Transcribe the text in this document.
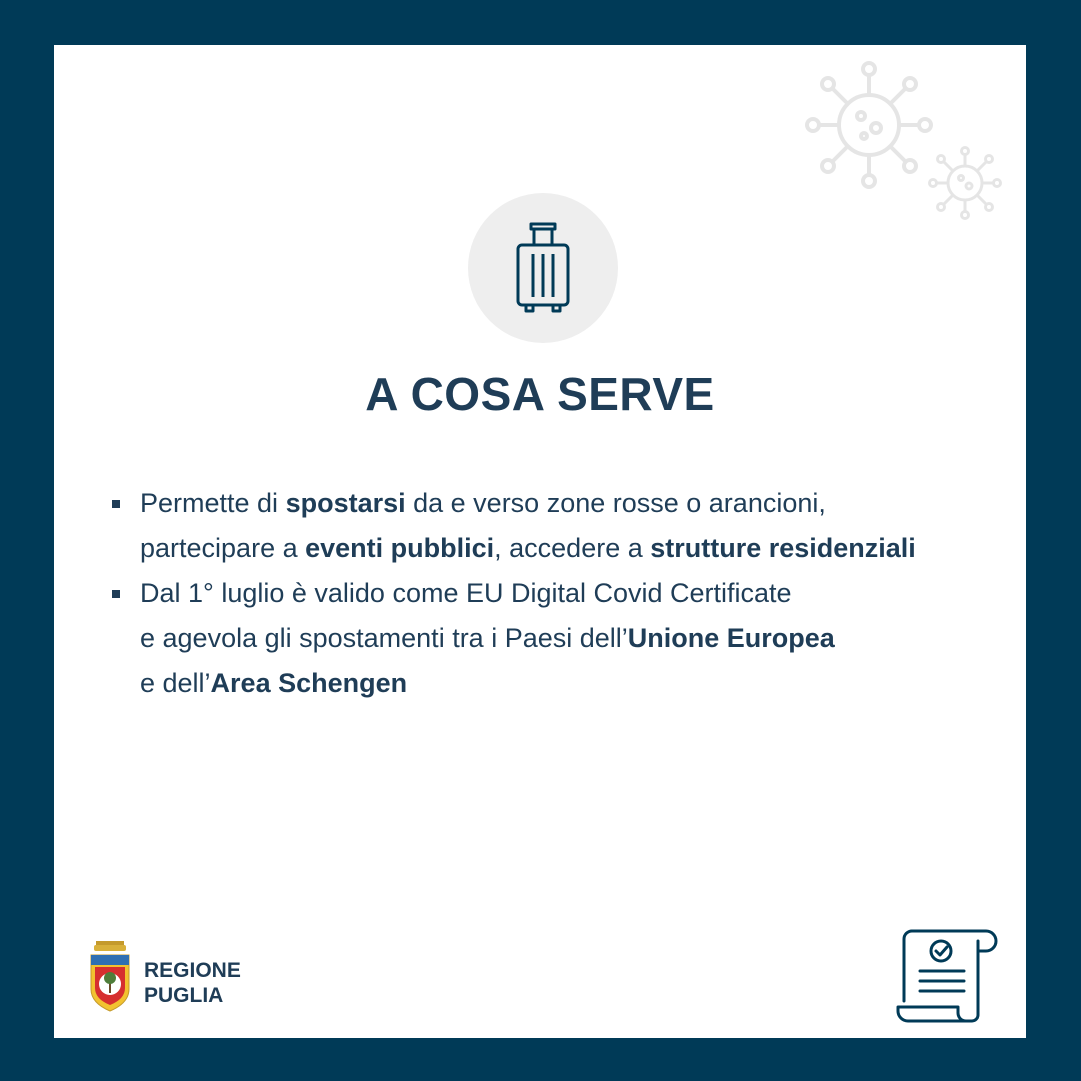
A COSA SERVE
Permette di spostarsi da e verso zone rosse o arancioni,
partecipare a eventi pubblici, accedere a strutture residenziali
Dal 1° luglio è valido come EU Digital Covid Certificate
e agevola gli spostamenti tra i Paesi dell’Unione Europea
e dell’Area Schengen
REGIONE
PUGLIA
